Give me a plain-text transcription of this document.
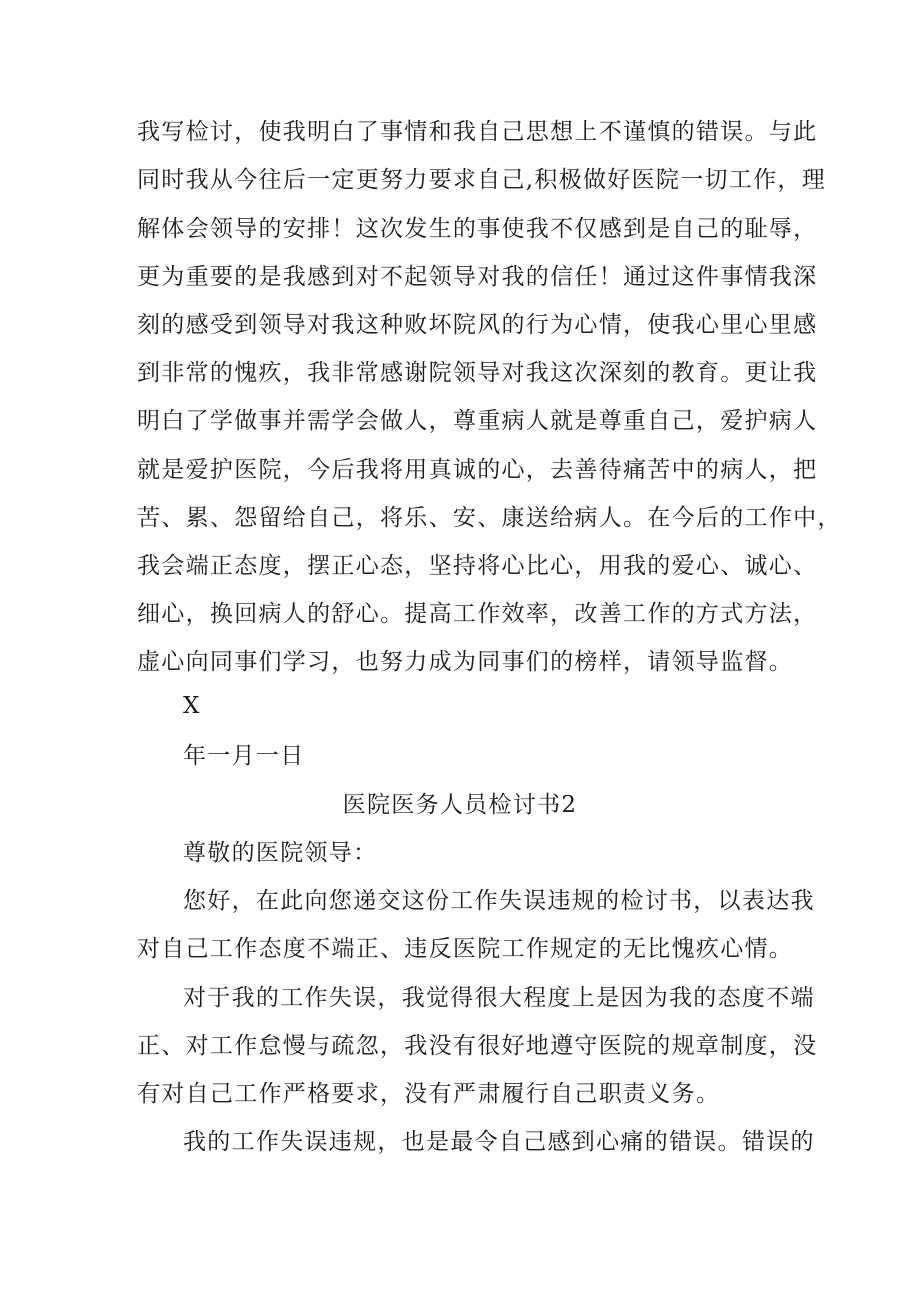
我写检讨，使我明白了事情和我自己思想上不谨慎的错误。与此
同时我从今往后一定更努力要求自己,积极做好医院一切工作，理
解体会领导的安排！这次发生的事使我不仅感到是自己的耻辱，
更为重要的是我感到对不起领导对我的信任！通过这件事情我深
刻的感受到领导对我这种败坏院风的行为心情，使我心里心里感
到非常的愧疚，我非常感谢院领导对我这次深刻的教育。更让我
明白了学做事并需学会做人，尊重病人就是尊重自己，爱护病人
就是爱护医院，今后我将用真诚的心，去善待痛苦中的病人，把
苦、累、怨留给自己，将乐、安、康送给病人。在今后的工作中，
我会端正态度，摆正心态，坚持将心比心，用我的爱心、诚心、
细心，换回病人的舒心。提高工作效率，改善工作的方式方法，
虚心向同事们学习，也努力成为同事们的榜样，请领导监督。
X
年一月一日
医院医务人员检讨书2
尊敬的医院领导：
您好，在此向您递交这份工作失误违规的检讨书，以表达我
对自己工作态度不端正、违反医院工作规定的无比愧疚心情。
对于我的工作失误，我觉得很大程度上是因为我的态度不端
正、对工作怠慢与疏忽，我没有很好地遵守医院的规章制度，没
有对自己工作严格要求，没有严肃履行自己职责义务。
我的工作失误违规，也是最令自己感到心痛的错误。错误的
